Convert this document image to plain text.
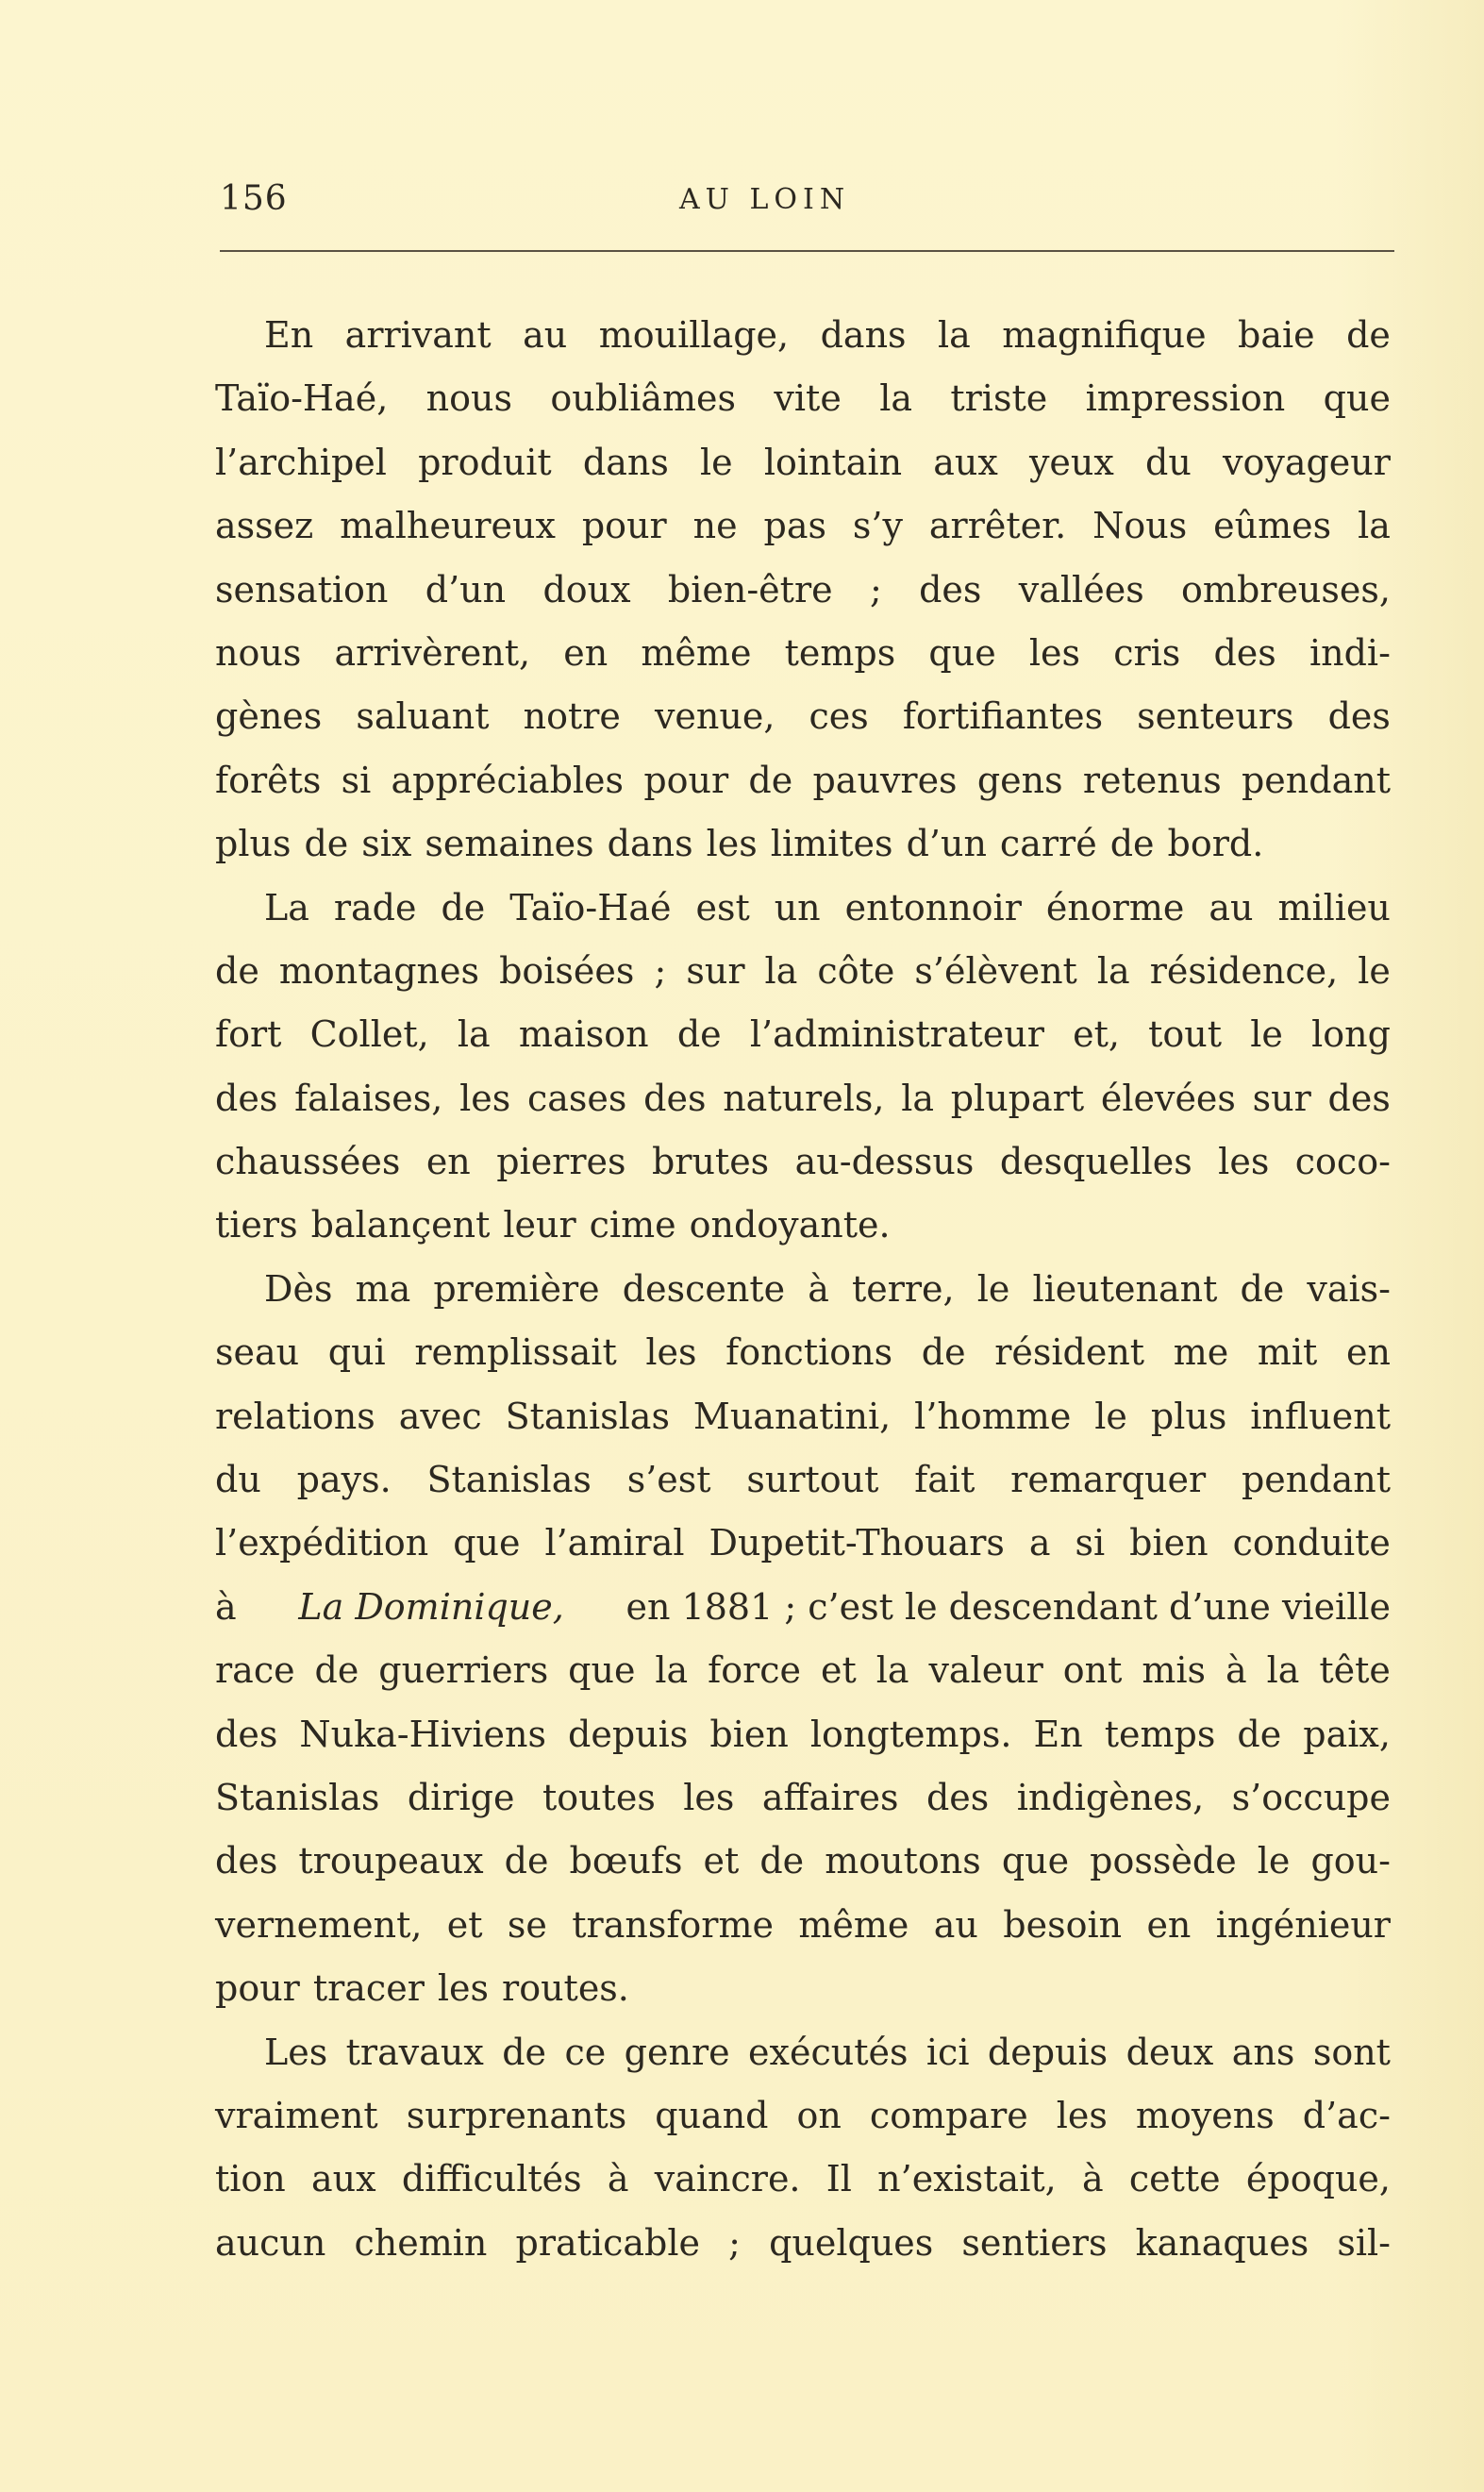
156	AU LOIN
En arrivant au mouillage, dans la magnifique baie de
Taïo-Haé, nous oubliâmes vite la triste impression que
l’archipel produit dans le lointain aux yeux du voyageur
assez malheureux pour ne pas s’y arrêter. Nous eûmes la
sensation d’un doux bien-être ; des vallées ombreuses,
nous arrivèrent, en même temps que les cris des indi-
gènes saluant notre venue, ces fortifiantes senteurs des
forêts si appréciables pour de pauvres gens retenus pendant
plus de six semaines dans les limites d’un carré de bord.
La rade de Taïo-Haé est un entonnoir énorme au milieu
de montagnes boisées ; sur la côte s’élèvent la résidence, le
fort Collet, la maison de l’administrateur et, tout le long
des falaises, les cases des naturels, la plupart élevées sur des
chaussées en pierres brutes au-dessus desquelles les coco-
tiers balançent leur cime ondoyante.
Dès ma première descente à terre, le lieutenant de vais-
seau qui remplissait les fonctions de résident me mit en
relations avec Stanislas Muanatini, l’homme le plus influent
du pays. Stanislas s’est surtout fait remarquer pendant
l’expédition que l’amiral Dupetit-Thouars a si bien conduite
à La Dominique, en 1881 ; c’est le descendant d’une vieille
race de guerriers que la force et la valeur ont mis à la tête
des Nuka-Hiviens depuis bien longtemps. En temps de paix,
Stanislas dirige toutes les affaires des indigènes, s’occupe
des troupeaux de bœufs et de moutons que possède le gou-
vernement, et se transforme même au besoin en ingénieur
pour tracer les routes.
Les travaux de ce genre exécutés ici depuis deux ans sont
vraiment surprenants quand on compare les moyens d’ac-
tion aux difficultés à vaincre. Il n’existait, à cette époque,
aucun chemin praticable ; quelques sentiers kanaques sil-
